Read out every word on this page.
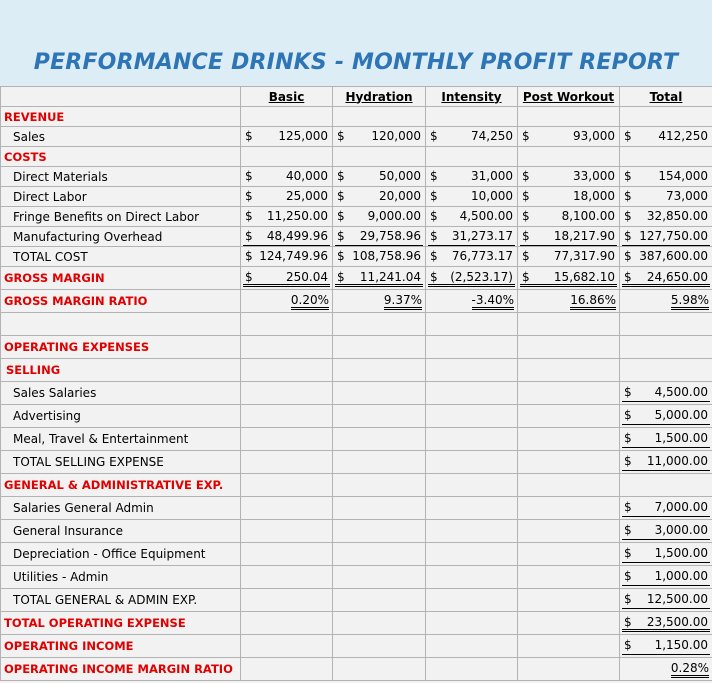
PERFORMANCE DRINKS - MONTHLY PROFIT REPORT
	Basic	Hydration	Intensity	Post Workout	Total
REVENUE					
Sales	$ 125,000	$ 120,000	$ 74,250	$ 93,000	$ 412,250

COSTS					
Direct Materials	$ 40,000	$ 50,000	$ 31,000	$ 33,000	$ 154,000

Direct Labor	$ 25,000	$ 20,000	$ 10,000	$ 18,000	$ 73,000

Fringe Benefits on Direct Labor	$ 11,250.00	$ 9,000.00	$ 4,500.00	$ 8,100.00	$ 32,850.00

Manufacturing Overhead	$ 48,499.96	$ 29,758.96	$ 31,273.17	$ 18,217.90	$ 127,750.00

TOTAL COST	$ 124,749.96	$ 108,758.96	$ 76,773.17	$ 77,317.90	$ 387,600.00

GROSS MARGIN	$ 250.04	$ 11,241.04	$ (2,523.17)	$ 15,682.10	$ 24,650.00

GROSS MARGIN RATIO	0.20%	9.37%	-3.40%	16.86%	5.98%

OPERATING EXPENSES					
SELLING					
Sales Salaries					$ 4,500.00

Advertising					$ 5,000.00

Meal, Travel & Entertainment					$ 1,500.00

TOTAL SELLING EXPENSE					$ 11,000.00

GENERAL & ADMINISTRATIVE EXP.					
Salaries General Admin					$ 7,000.00

General Insurance					$ 3,000.00

Depreciation - Office Equipment					$ 1,500.00

Utilities - Admin					$ 1,000.00

TOTAL GENERAL & ADMIN EXP.					$ 12,500.00

TOTAL OPERATING EXPENSE					$ 23,500.00

OPERATING INCOME					$ 1,150.00

OPERATING INCOME MARGIN RATIO					0.28%
